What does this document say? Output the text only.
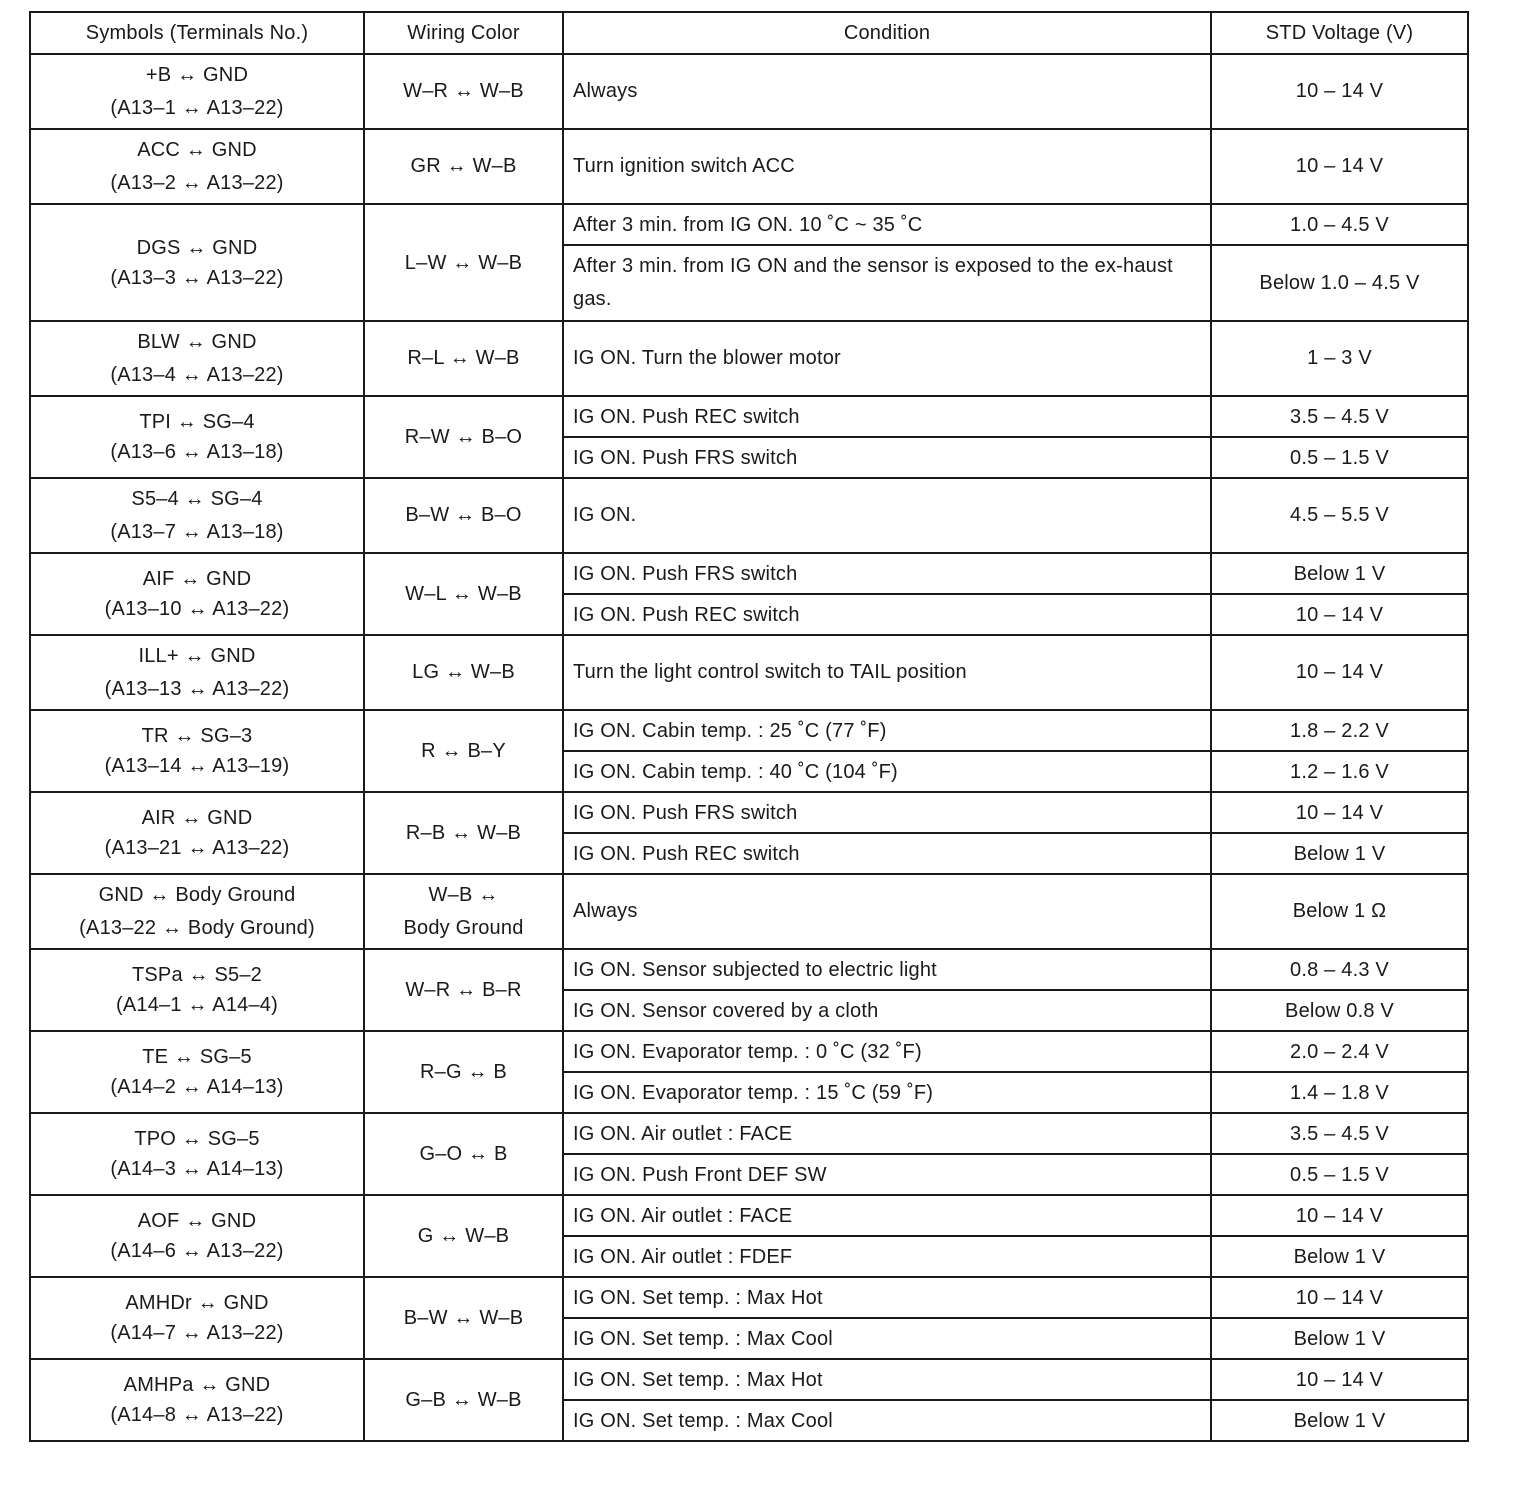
Symbols (Terminals No.)	Wiring Color	Condition	STD Voltage (V)

+B ↔ GND
(A13–1 ↔ A13–22)	W–R ↔ W–B	Always	10 – 14 V

ACC ↔ GND
(A13–2 ↔ A13–22)	GR ↔ W–B	Turn ignition switch ACC	10 – 14 V

DGS ↔ GND
(A13–3 ↔ A13–22)	L–W ↔ W–B	After 3 min. from IG ON. 10 ˚C ~ 35 ˚C	1.0 – 4.5 V
		After 3 min. from IG ON and the sensor is exposed to the ex-haust gas.	Below 1.0 – 4.5 V

BLW ↔ GND
(A13–4 ↔ A13–22)	R–L ↔ W–B	IG ON. Turn the blower motor	1 – 3 V

TPI ↔ SG–4
(A13–6 ↔ A13–18)	R–W ↔ B–O	IG ON. Push REC switch	3.5 – 4.5 V
		IG ON. Push FRS switch	0.5 – 1.5 V

S5–4 ↔ SG–4
(A13–7 ↔ A13–18)	B–W ↔ B–O	IG ON.	4.5 – 5.5 V

AIF ↔ GND
(A13–10 ↔ A13–22)	W–L ↔ W–B	IG ON. Push FRS switch	Below 1 V
		IG ON. Push REC switch	10 – 14 V

ILL+ ↔ GND
(A13–13 ↔ A13–22)	LG ↔ W–B	Turn the light control switch to TAIL position	10 – 14 V

TR ↔ SG–3
(A13–14 ↔ A13–19)	R ↔ B–Y	IG ON. Cabin temp. : 25 ˚C (77 ˚F)	1.8 – 2.2 V
		IG ON. Cabin temp. : 40 ˚C (104 ˚F)	1.2 – 1.6 V

AIR ↔ GND
(A13–21 ↔ A13–22)	R–B ↔ W–B	IG ON. Push FRS switch	10 – 14 V
		IG ON. Push REC switch	Below 1 V

GND ↔ Body Ground
(A13–22 ↔ Body Ground)	W–B ↔
Body Ground	Always	Below 1 Ω

TSPa ↔ S5–2
(A14–1 ↔ A14–4)	W–R ↔ B–R	IG ON. Sensor subjected to electric light	0.8 – 4.3 V
		IG ON. Sensor covered by a cloth	Below 0.8 V

TE ↔ SG–5
(A14–2 ↔ A14–13)	R–G ↔ B	IG ON. Evaporator temp. : 0 ˚C (32 ˚F)	2.0 – 2.4 V
		IG ON. Evaporator temp. : 15 ˚C (59 ˚F)	1.4 – 1.8 V

TPO ↔ SG–5
(A14–3 ↔ A14–13)	G–O ↔ B	IG ON. Air outlet : FACE	3.5 – 4.5 V
		IG ON. Push Front DEF SW	0.5 – 1.5 V

AOF ↔ GND
(A14–6 ↔ A13–22)	G ↔ W–B	IG ON. Air outlet : FACE	10 – 14 V
		IG ON. Air outlet : FDEF	Below 1 V

AMHDr ↔ GND
(A14–7 ↔ A13–22)	B–W ↔ W–B	IG ON. Set temp. : Max Hot	10 – 14 V
		IG ON. Set temp. : Max Cool	Below 1 V

AMHPa ↔ GND
(A14–8 ↔ A13–22)	G–B ↔ W–B	IG ON. Set temp. : Max Hot	10 – 14 V
		IG ON. Set temp. : Max Cool	Below 1 V
